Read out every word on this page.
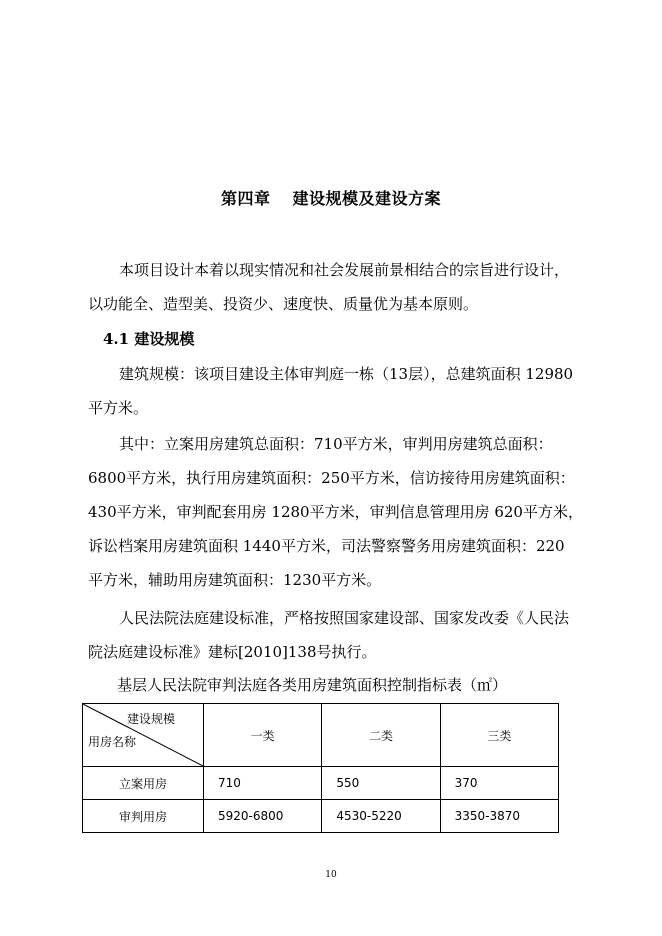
第四章 建设规模及建设方案
本项目设计本着以现实情况和社会发展前景相结合的宗旨进行设计，
以功能全、造型美、投资少、速度快、质量优为基本原则。
4.1 建设规模
建筑规模：该项目建设主体审判庭一栋（13层），总建筑面积 12980
平方米。
其中：立案用房建筑总面积：710平方米，审判用房建筑总面积：
6800平方米，执行用房建筑面积：250平方米，信访接待用房建筑面积：
430平方米，审判配套用房 1280平方米，审判信息管理用房 620平方米，
诉讼档案用房建筑面积 1440平方米，司法警察警务用房建筑面积：220
平方米，辅助用房建筑面积：1230平方米。
人民法院法庭建设标准，严格按照国家建设部、国家发改委《人民法
院法庭建设标准》建标[2010]138号执行。
基层人民法院审判法庭各类用房建筑面积控制指标表（㎡）
建设规模
用房名称	一类	二类	三类
立案用房	710	550	370
审判用房	5920-6800	4530-5220	3350-3870
10
